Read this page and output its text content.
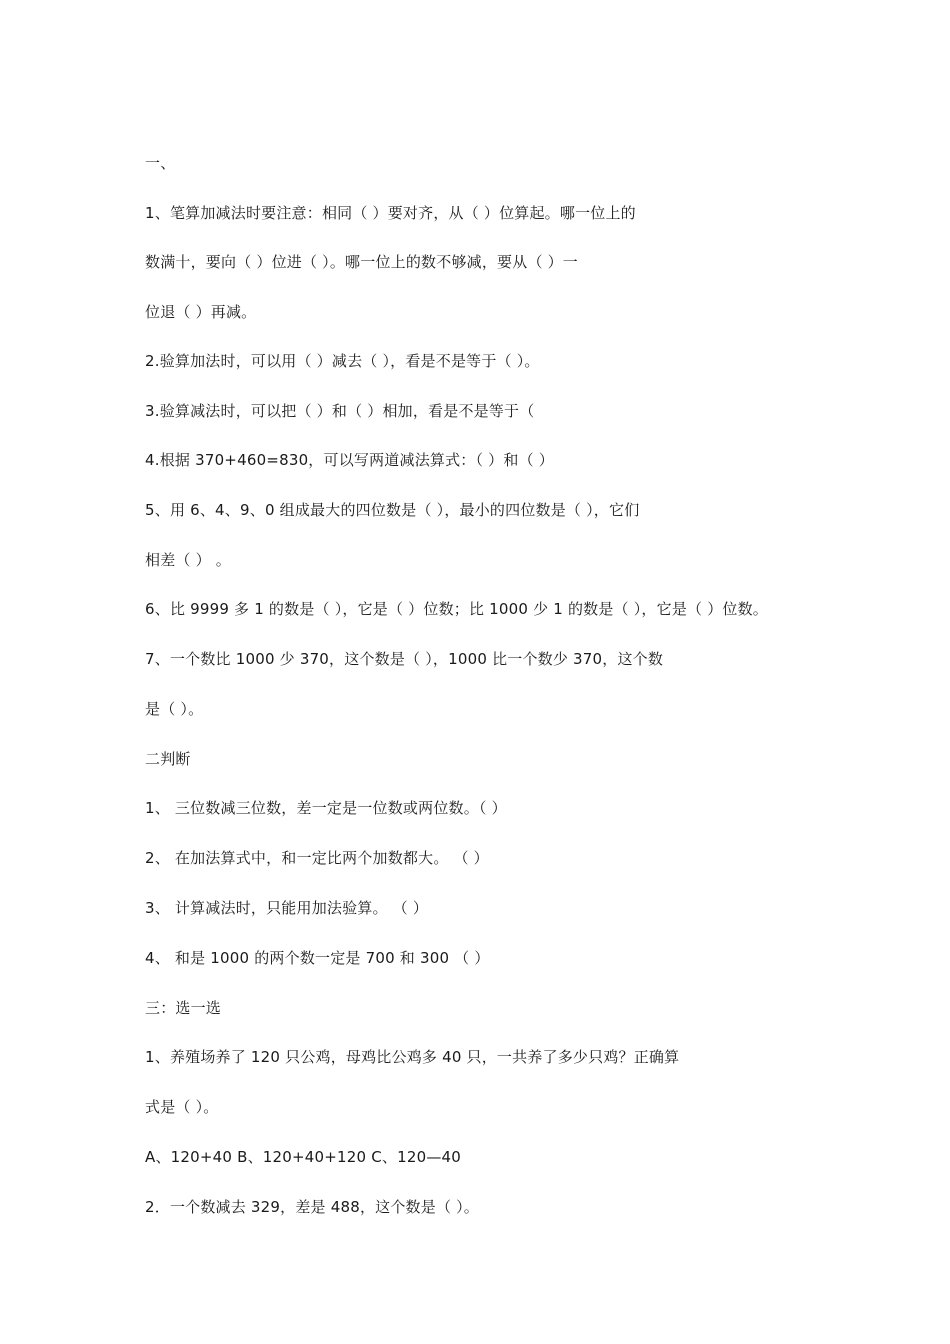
一、
1、笔算加减法时要注意：相同（ ）要对齐，从（ ）位算起。哪一位上的
数满十，要向（ ）位进（ ）。哪一位上的数不够减，要从（ ）一
位退（ ）再减。
2.验算加法时，可以用（ ）减去（ ），看是不是等于（ ）。
3.验算减法时，可以把（ ）和（ ）相加，看是不是等于（
4.根据 370+460=830，可以写两道减法算式：（ ）和（ ）
5、用 6、4、9、0 组成最大的四位数是（ ），最小的四位数是（ ），它们
相差（ ） 。
6、比 9999 多 1 的数是（ ），它是（ ）位数；比 1000 少 1 的数是（ ），它是（ ）位数。
7、一个数比 1000 少 370，这个数是（ ），1000 比一个数少 370，这个数
是（ ）。
二判断
1、 三位数减三位数，差一定是一位数或两位数。（ ）
2、 在加法算式中，和一定比两个加数都大。 （ ）
3、 计算减法时，只能用加法验算。 （ ）
4、 和是 1000 的两个数一定是 700 和 300 （ ）
三：选一选
1、养殖场养了 120 只公鸡，母鸡比公鸡多 40 只，一共养了多少只鸡？正确算
式是（ ）。
A、120+40 B、120+40+120 C、120—40
2．一个数减去 329，差是 488，这个数是（ ）。
